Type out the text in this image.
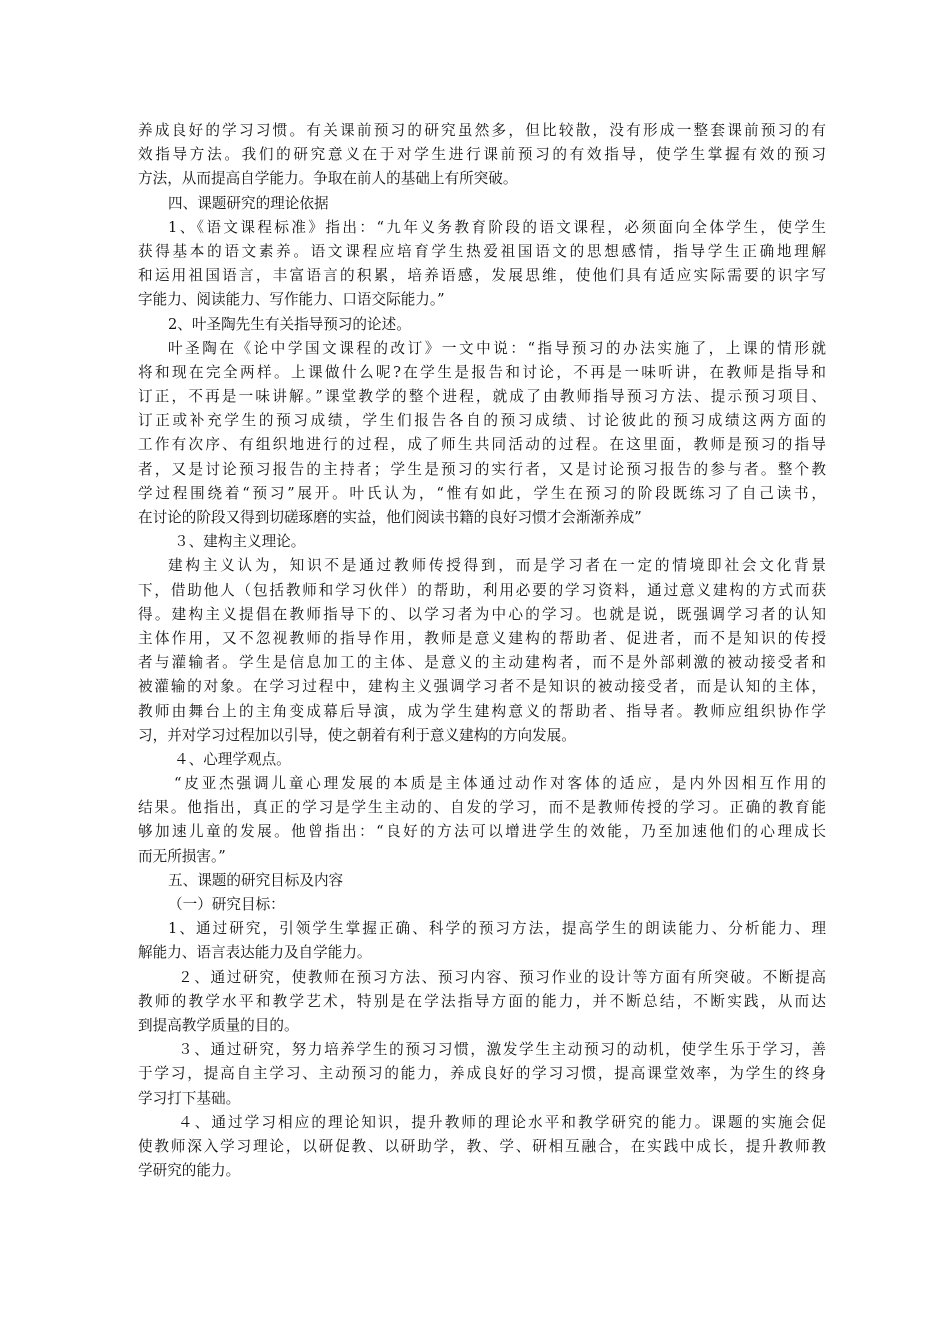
养成良好的学习习惯。有关课前预习的研究虽然多，但比较散，没有形成一整套课前预习的有
效指导方法。我们的研究意义在于对学生进行课前预习的有效指导，使学生掌握有效的预习
方法，从而提高自学能力。争取在前人的基础上有所突破。
四、课题研究的理论依据
1、《语文课程标准》指出：“九年义务教育阶段的语文课程，必须面向全体学生，使学生
获得基本的语文素养。语文课程应培育学生热爱祖国语文的思想感情，指导学生正确地理解
和运用祖国语言，丰富语言的积累，培养语感，发展思维，使他们具有适应实际需要的识字写
字能力、阅读能力、写作能力、口语交际能力。”
2、叶圣陶先生有关指导预习的论述。
叶圣陶在《论中学国文课程的改订》一文中说：“指导预习的办法实施了，上课的情形就
将和现在完全两样。上课做什么呢?在学生是报告和讨论，不再是一味听讲，在教师是指导和
订正，不再是一味讲解。”课堂教学的整个进程，就成了由教师指导预习方法、提示预习项目、
订正或补充学生的预习成绩，学生们报告各自的预习成绩、讨论彼此的预习成绩这两方面的
工作有次序、有组织地进行的过程，成了师生共同活动的过程。在这里面，教师是预习的指导
者，又是讨论预习报告的主持者；学生是预习的实行者，又是讨论预习报告的参与者。整个教
学过程围绕着“预习”展开。叶氏认为，“惟有如此，学生在预习的阶段既练习了自己读书，
在讨论的阶段又得到切磋琢磨的实益，他们阅读书籍的良好习惯才会渐渐养成”
３、建构主义理论。
建构主义认为，知识不是通过教师传授得到，而是学习者在一定的情境即社会文化背景
下，借助他人（包括教师和学习伙伴）的帮助，利用必要的学习资料，通过意义建构的方式而获
得。建构主义提倡在教师指导下的、以学习者为中心的学习。也就是说，既强调学习者的认知
主体作用，又不忽视教师的指导作用，教师是意义建构的帮助者、促进者，而不是知识的传授
者与灌输者。学生是信息加工的主体、是意义的主动建构者，而不是外部刺激的被动接受者和
被灌输的对象。在学习过程中，建构主义强调学习者不是知识的被动接受者，而是认知的主体，
教师由舞台上的主角变成幕后导演，成为学生建构意义的帮助者、指导者。教师应组织协作学
习，并对学习过程加以引导，使之朝着有利于意义建构的方向发展。
４、心理学观点。
“皮亚杰强调儿童心理发展的本质是主体通过动作对客体的适应，是内外因相互作用的
结果。他指出，真正的学习是学生主动的、自发的学习，而不是教师传授的学习。正确的教育能
够加速儿童的发展。他曾指出：“良好的方法可以增进学生的效能，乃至加速他们的心理成长
而无所损害。”
五、课题的研究目标及内容
（一）研究目标：
1、通过研究，引领学生掌握正确、科学的预习方法，提高学生的朗读能力、分析能力、理
解能力、语言表达能力及自学能力。
２、通过研究，使教师在预习方法、预习内容、预习作业的设计等方面有所突破。不断提高
教师的教学水平和教学艺术，特别是在学法指导方面的能力，并不断总结，不断实践，从而达
到提高教学质量的目的。
３、通过研究，努力培养学生的预习习惯，激发学生主动预习的动机，使学生乐于学习，善
于学习，提高自主学习、主动预习的能力，养成良好的学习习惯，提高课堂效率，为学生的终身
学习打下基础。
４、通过学习相应的理论知识，提升教师的理论水平和教学研究的能力。课题的实施会促
使教师深入学习理论，以研促教、以研助学，教、学、研相互融合，在实践中成长，提升教师教
学研究的能力。
